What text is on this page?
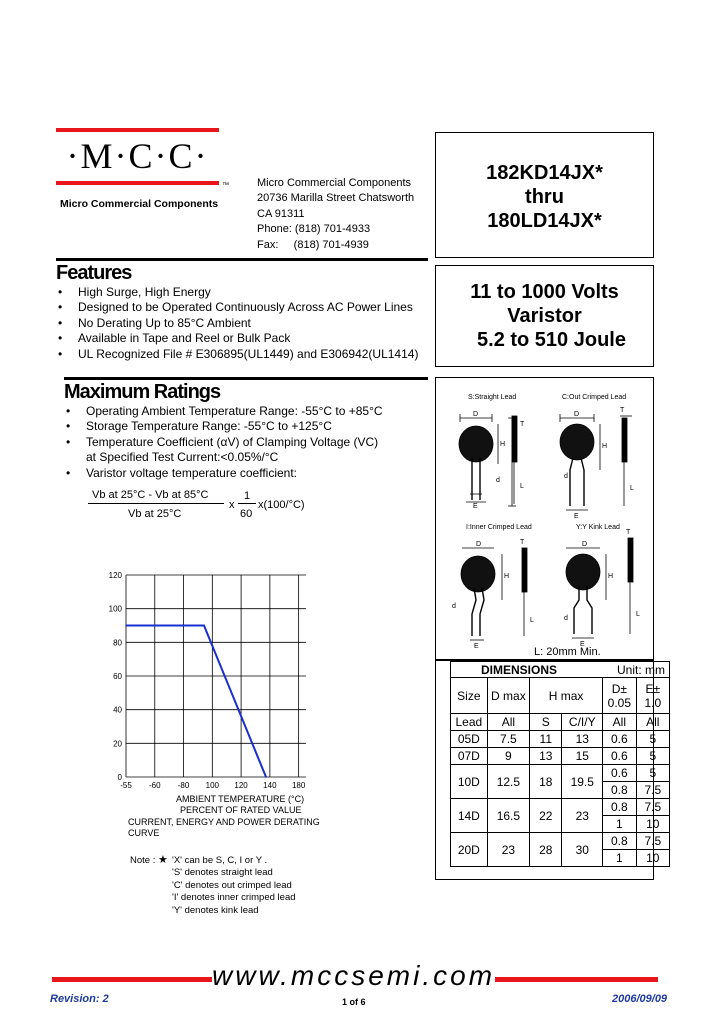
·M·C·C·
™
Micro Commercial Components
Micro Commercial Components
20736 Marilla Street Chatsworth
CA 91311
Phone: (818) 701-4933
Fax:     (818) 701-4939
182KD14JX*
thru
180LD14JX*
11 to 1000 Volts
Varistor
5.2 to 510 Joule
Features
• High Surge, High Energy
• Designed to be Operated Continuously Across AC Power Lines
• No Derating Up to 85°C Ambient
• Available in Tape and Reel or Bulk Pack
• UL Recognized File # E306895(UL1449) and E306942(UL1414)
Maximum Ratings
• Operating Ambient Temperature Range: -55°C to +85°C
• Storage Temperature Range: -55°C to +125°C
• Temperature Coefficient (αV) of Clamping Voltage (VC) at Specified Test Current:<0.05%/°C
• Varistor voltage temperature coefficient:
Vb at 25°C - Vb at 85°C
Vb at 25°C
x
1
60
x(100/°C)
0
20
40
60
80
100
120
-55 -60 -80 100 120 140 180
AMBIENT TEMPERATURE (°C)
PERCENT OF RATED VALUE
CURRENT, ENERGY AND POWER DERATING CURVE
S:Straight Lead	C:Out Crimped Lead
I:Inner Crimped Lead	Y:Y Kink Lead
D
H
d
E
T
L
D
H
T
d
E
L
D
H
T
d
E
L
D
H
T
d
E
L
L: 20mm Min.
DIMENSIONS				Unit: mm	
Size	D max	H max		D± 0.05	E± 1.0
Lead	All	S	C/I/Y	All	All
05D	7.5	11	13	0.6	5
07D	9	13	15	0.6	5
10D	12.5	18	19.5	0.6	5
				0.8	7.5
14D	16.5	22	23	0.8	7.5
				1	10
20D	23	28	30	0.8	7.5
				1	10
Note : ★ 'X' can be S, C, I or Y .
'S' denotes straight lead
'C' denotes out crimped lead
'I' denotes inner crimped lead
'Y' denotes kink lead
www.mccsemi.com
Revision: 2	1 of 6	2006/09/09
